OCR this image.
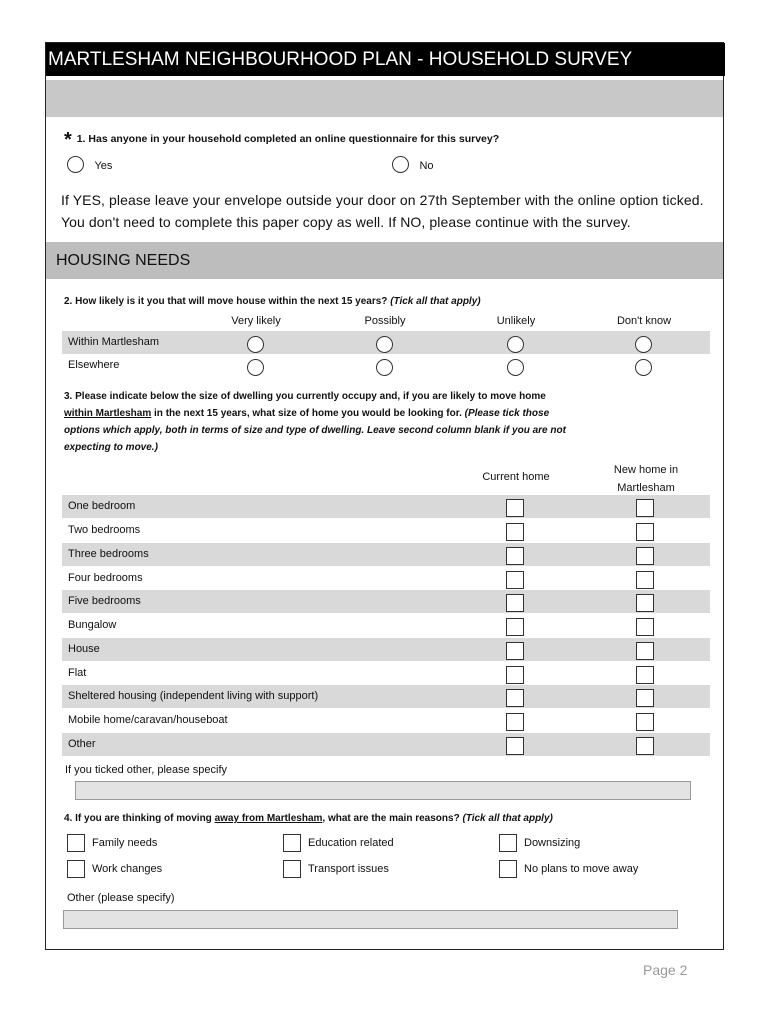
MARTLESHAM NEIGHBOURHOOD PLAN - HOUSEHOLD SURVEY
* 1. Has anyone in your household completed an online questionnaire for this survey?
Yes	No
If YES, please leave your envelope outside your door on 27th September with the online option ticked. You don't need to complete this paper copy as well. If NO, please continue with the survey.
HOUSING NEEDS
2. How likely is it you that will move house within the next 15 years? (Tick all that apply)
Very likely	Possibly	Unlikely	Don't know
Within Martlesham
Elsewhere
3. Please indicate below the size of dwelling you currently occupy and, if you are likely to move home
within Martlesham in the next 15 years, what size of home you would be looking for. (Please tick those
options which apply, both in terms of size and type of dwelling. Leave second column blank if you are not
expecting to move.)
Current home
New home in
Martlesham
One bedroom
Two bedrooms
Three bedrooms
Four bedrooms
Five bedrooms
Bungalow
House
Flat
Sheltered housing (independent living with support)
Mobile home/caravan/houseboat
Other
If you ticked other, please specify
4. If you are thinking of moving away from Martlesham, what are the main reasons? (Tick all that apply)
Family needs	Education related	Downsizing
Work changes	Transport issues	No plans to move away
Other (please specify)
Page 2
